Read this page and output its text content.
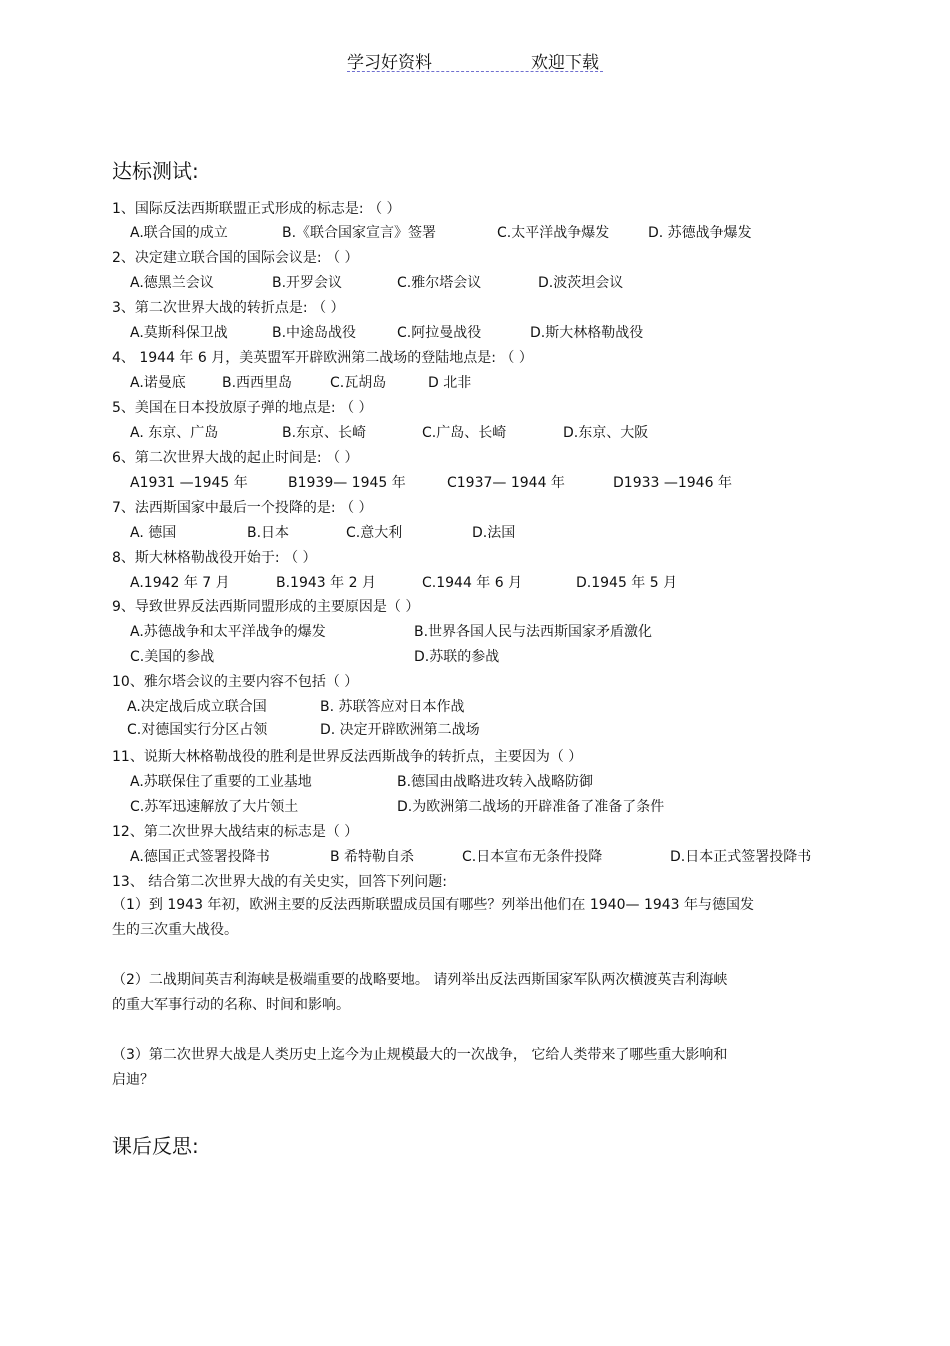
学习好资料	欢迎下载
达标测试:
1、国际反法西斯联盟正式形成的标志是: （ ）
A.联合国的成立	B.《联合国家宣言》签署	C.太平洋战争爆发	D. 苏德战争爆发
2、决定建立联合国的国际会议是: （ ）
A.德黑兰会议	B.开罗会议	C.雅尔塔会议	D.波茨坦会议
3、第二次世界大战的转折点是: （ ）
A.莫斯科保卫战	B.中途岛战役	C.阿拉曼战役	D.斯大林格勒战役
4、 1944 年 6 月，美英盟军开辟欧洲第二战场的登陆地点是: （ ）
A.诺曼底	B.西西里岛	C.瓦胡岛	D 北非
5、美国在日本投放原子弹的地点是: （ ）
A. 东京、广岛	B.东京、长崎	C.广岛、长崎	D.东京、大阪
6、第二次世界大战的起止时间是: （ ）
A1931 —1945 年	B1939— 1945 年	C1937— 1944 年	D1933 —1946 年
7、法西斯国家中最后一个投降的是: （ ）
A. 德国	B.日本	C.意大利	D.法国
8、斯大林格勒战役开始于: （ ）
A.1942 年 7 月	B.1943 年 2 月	C.1944 年 6 月	D.1945 年 5 月
9、导致世界反法西斯同盟形成的主要原因是（ ）
A.苏德战争和太平洋战争的爆发	B.世界各国人民与法西斯国家矛盾激化
C.美国的参战	D.苏联的参战
10、雅尔塔会议的主要内容不包括（ ）
A.决定战后成立联合国	B. 苏联答应对日本作战
C.对德国实行分区占领	D. 决定开辟欧洲第二战场
11、说斯大林格勒战役的胜利是世界反法西斯战争的转折点，主要因为（ ）
A.苏联保住了重要的工业基地	B.德国由战略进攻转入战略防御
C.苏军迅速解放了大片领土	D.为欧洲第二战场的开辟准备了准备了条件
12、第二次世界大战结束的标志是（ ）
A.德国正式签署投降书	B 希特勒自杀	C.日本宣布无条件投降	D.日本正式签署投降书
13、 结合第二次世界大战的有关史实，回答下列问题:
（1）到 1943 年初，欧洲主要的反法西斯联盟成员国有哪些？列举出他们在 1940— 1943 年与德国发
生的三次重大战役。
（2）二战期间英吉利海峡是极端重要的战略要地。 请列举出反法西斯国家军队两次横渡英吉利海峡
的重大军事行动的名称、时间和影响。
（3）第二次世界大战是人类历史上迄今为止规模最大的一次战争， 它给人类带来了哪些重大影响和
启迪？
课后反思:
